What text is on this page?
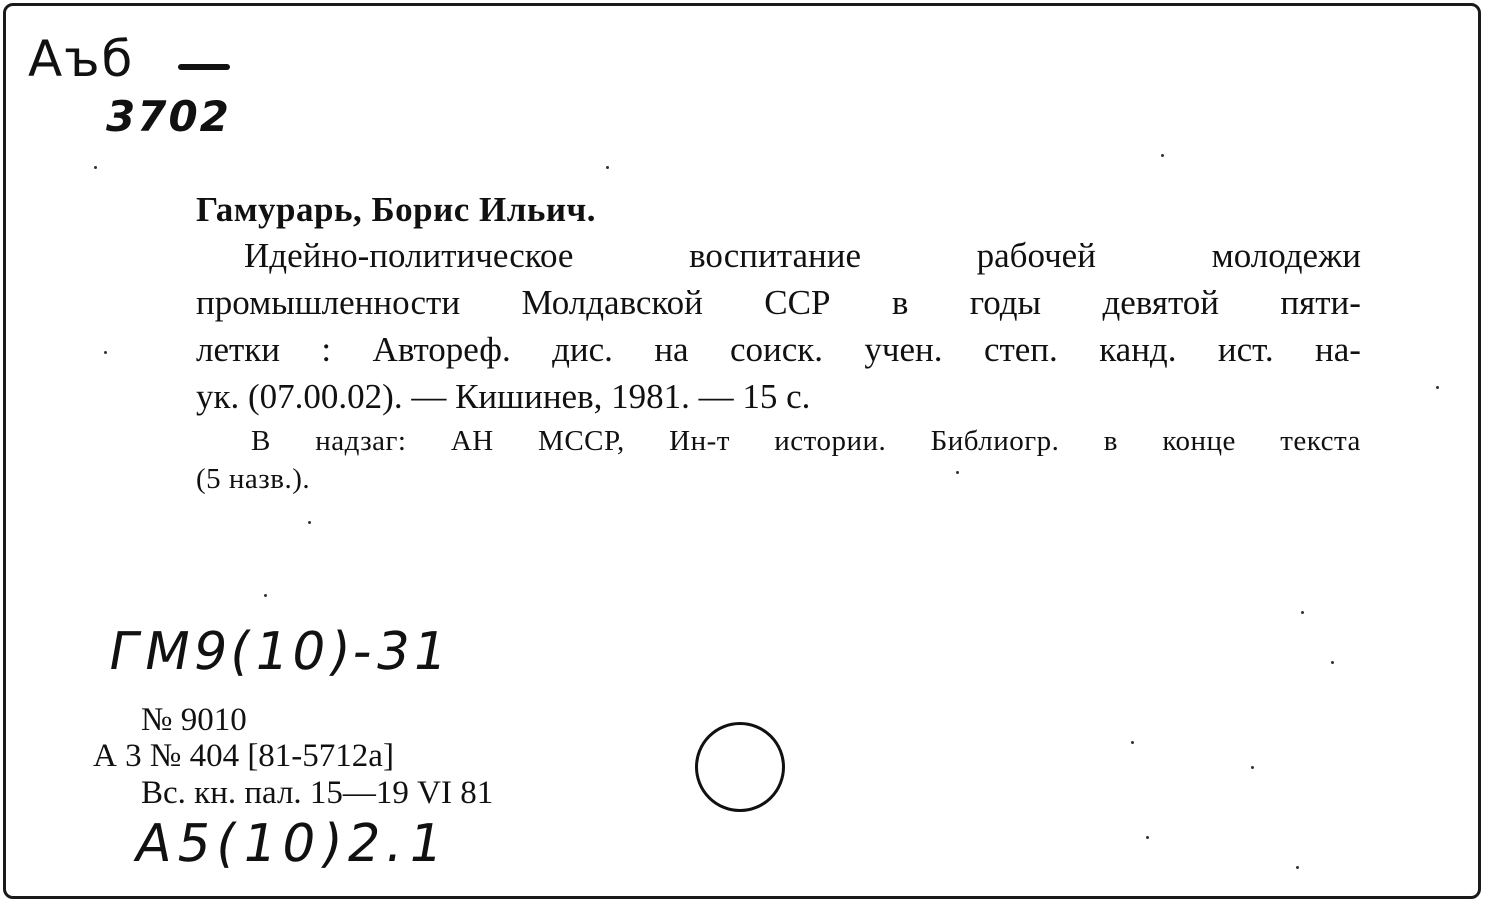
Аъб
3702
Гамурарь, Борис Ильич.
Идейно-политическое	воспитание	рабочей	молодежи
промышленности Молдавской ССР в годы девятой пяти-
летки : Автореф. дис. на соиск. учен. степ. канд. ист. на-
ук. (07.00.02). — Кишинев, 1981. — 15 с.
В надзаг: АН МССР, Ин-т истории. Библиогр. в конце текста
(5 назв.).
ГМ9(10)-31
№ 9010
А 3 № 404 [81-5712а]
Вс. кн. пал. 15—19 VI 81
А5(10)2.1
